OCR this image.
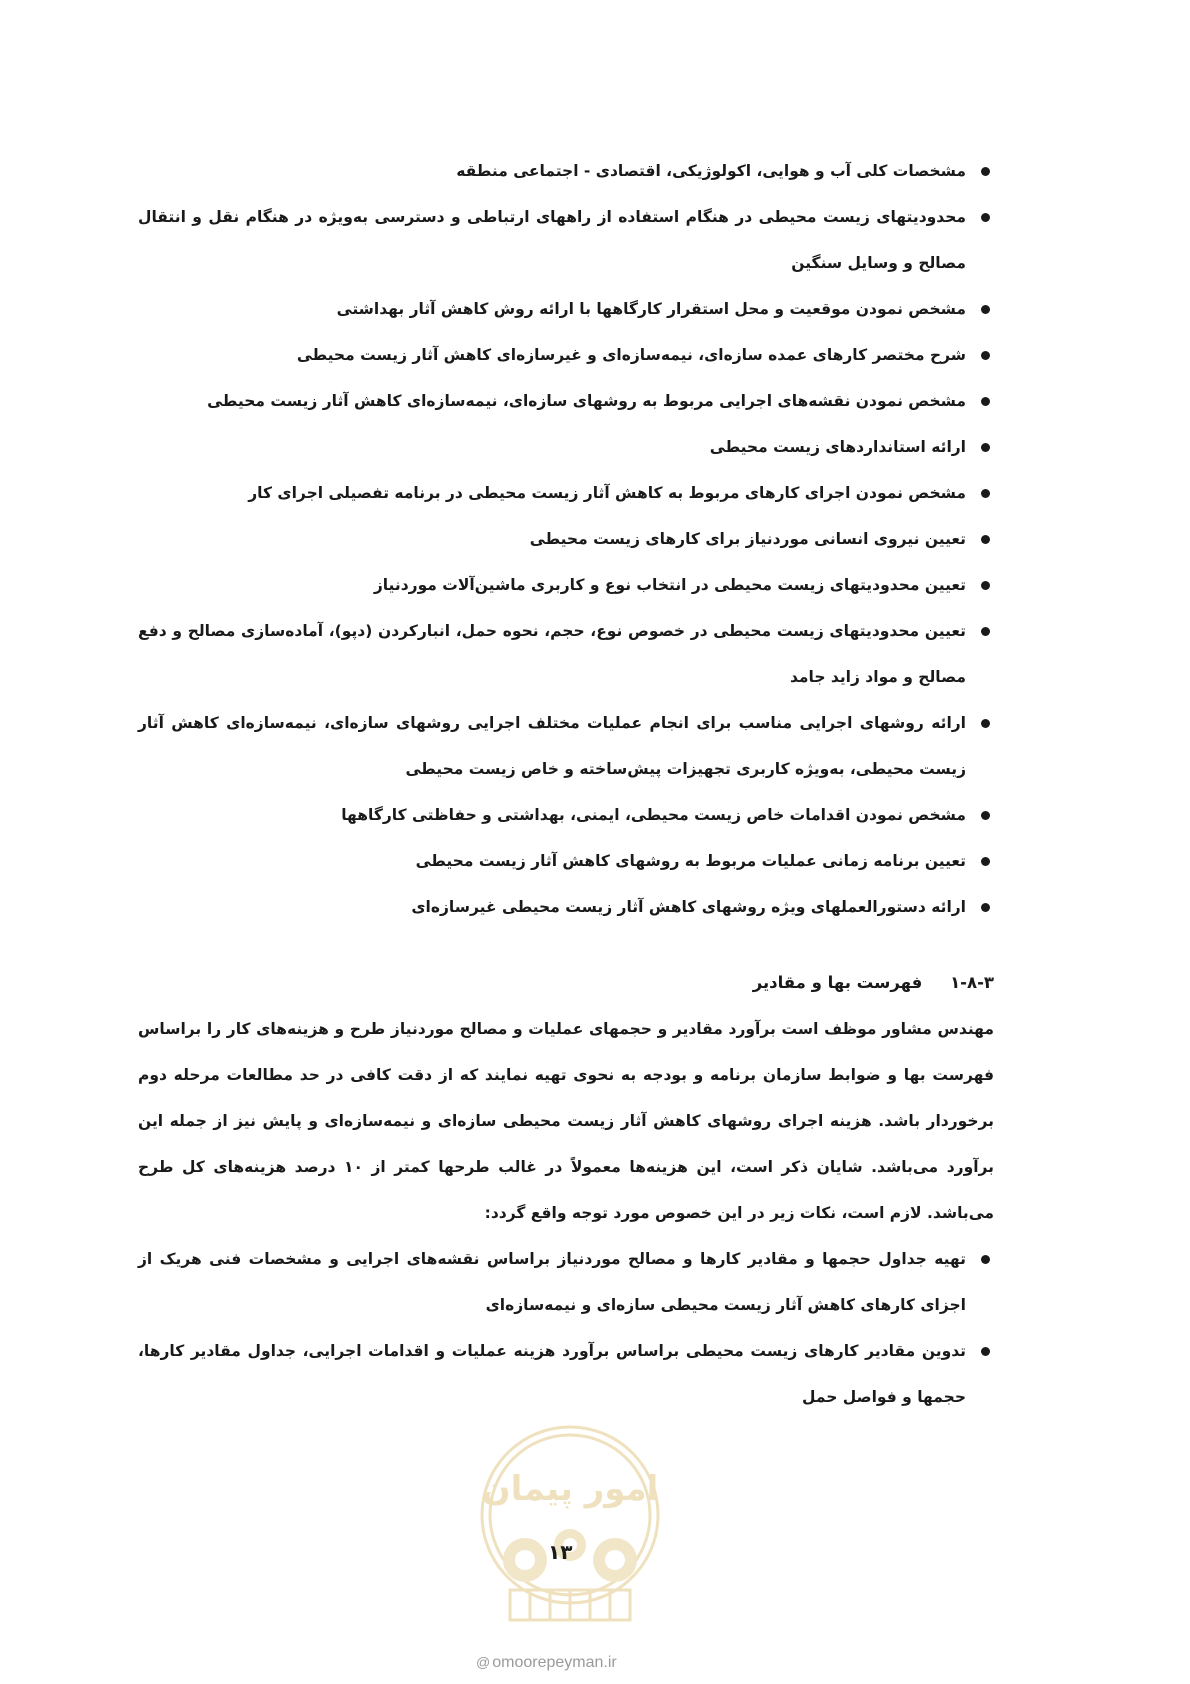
مشخصات کلی آب و هوایی، اکولوژیکی، اقتصادی - اجتماعی منطقه
محدودیتهای زیست محیطی در هنگام استفاده از راههای ارتباطی و دسترسی به‌ویژه در هنگام نقل و انتقال مصالح و وسایل سنگین
مشخص نمودن موقعیت و محل استقرار کارگاهها با ارائه روش کاهش آثار بهداشتی
شرح مختصر کارهای عمده سازه‌ای، نیمه‌سازه‌ای و غیرسازه‌ای کاهش آثار زیست محیطی
مشخص نمودن نقشه‌های اجرایی مربوط به روشهای سازه‌ای، نیمه‌سازه‌ای کاهش آثار زیست محیطی
ارائه استانداردهای زیست محیطی
مشخص نمودن اجرای کارهای مربوط به کاهش آثار زیست محیطی در برنامه تفصیلی اجرای کار
تعیین نیروی انسانی موردنیاز برای کارهای زیست محیطی
تعیین محدودیتهای زیست محیطی در انتخاب نوع و کاربری ماشین‌آلات موردنیاز
تعیین محدودیتهای زیست محیطی در خصوص نوع، حجم، نحوه حمل، انبارکردن (دپو)، آماده‌سازی مصالح و دفع مصالح و مواد زاید جامد
ارائه روشهای اجرایی مناسب برای انجام عملیات مختلف اجرایی روشهای سازه‌ای، نیمه‌سازه‌ای کاهش آثار زیست محیطی، به‌ویژه کاربری تجهیزات پیش‌ساخته و خاص زیست محیطی
مشخص نمودن اقدامات خاص زیست محیطی، ایمنی، بهداشتی و حفاظتی کارگاهها
تعیین برنامه زمانی عملیات مربوط به روشهای کاهش آثار زیست محیطی
ارائه دستورالعملهای ویژه روشهای کاهش آثار زیست محیطی غیرسازه‌ای
۱-۸-۳ فهرست بها و مقادیر

مهندس مشاور موظف است برآورد مقادیر و حجمهای عملیات و مصالح موردنیاز طرح و هزینه‌های کار را براساس فهرست بها و ضوابط سازمان برنامه و بودجه به نحوی تهیه نمایند که از دقت کافی در حد مطالعات مرحله دوم برخوردار باشد. هزینه اجرای روشهای کاهش آثار زیست محیطی سازه‌ای و نیمه‌سازه‌ای و پایش نیز از جمله این برآورد می‌باشد. شایان ذکر است، این هزینه‌ها معمولاً در غالب طرحها کمتر از ۱۰ درصد هزینه‌های کل طرح می‌باشد. لازم است، نکات زیر در این خصوص مورد توجه واقع گردد:

تهیه جداول حجمها و مقادیر کارها و مصالح موردنیاز براساس نقشه‌های اجرایی و مشخصات فنی هریک از اجزای کارهای کاهش آثار زیست محیطی سازه‌ای و نیمه‌سازه‌ای
تدوین مقادیر کارهای زیست محیطی براساس برآورد هزینه عملیات و اقدامات اجرایی، جداول مقادیر کارها، حجمها و فواصل حمل
امور پیمان
۱۳
@ omoorepeyman.ir
